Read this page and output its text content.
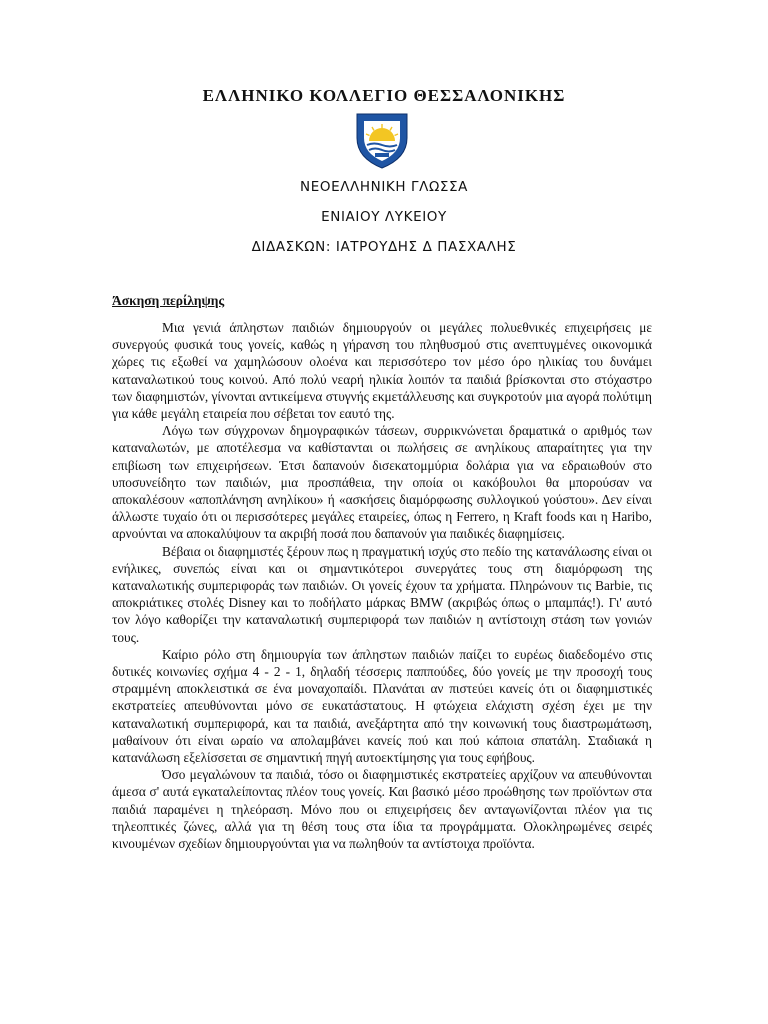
ΕΛΛΗΝΙΚΟ ΚΟΛΛΕΓΙΟ ΘΕΣΣΑΛΟΝΙΚΗΣ
ΝΕΟΕΛΛΗΝΙΚΗ ΓΛΩΣΣΑ
ΕΝΙΑΙΟΥ ΛΥΚΕΙΟΥ
ΔΙΔΑΣΚΩΝ: ΙΑΤΡΟΥΔΗΣ Δ ΠΑΣΧΑΛΗΣ
Άσκηση περίληψης

Μια γενιά άπληστων παιδιών δημιουργούν οι μεγάλες πολυεθνικές επιχειρήσεις με συνεργούς φυσικά τους γονείς, καθώς η γήρανση του πληθυσμού στις ανεπτυγμένες οικονομικά χώρες τις εξωθεί να χαμηλώσουν ολοένα και περισσότερο τον μέσο όρο ηλικίας του δυνάμει καταναλωτικού τους κοινού. Από πολύ νεαρή ηλικία λοιπόν τα παιδιά βρίσκονται στο στόχαστρο των διαφημιστών, γίνονται αντικείμενα στυγνής εκμετάλλευσης και συγκροτούν μια αγορά πολύτιμη για κάθε μεγάλη εταιρεία που σέβεται τον εαυτό της.

Λόγω των σύγχρονων δημογραφικών τάσεων, συρρικνώνεται δραματικά ο αριθμός των καταναλωτών, με αποτέλεσμα να καθίστανται οι πωλήσεις σε ανηλίκους απαραίτητες για την επιβίωση των επιχειρήσεων. Έτσι δαπανούν δισεκατομμύρια δολάρια για να εδραιωθούν στο υποσυνείδητο των παιδιών, μια προσπάθεια, την οποία οι κακόβουλοι θα μπορούσαν να αποκαλέσουν «αποπλάνηση ανηλίκου» ή «ασκήσεις διαμόρφωσης συλλογικού γούστου». Δεν είναι άλλωστε τυχαίο ότι οι περισσότερες μεγάλες εταιρείες, όπως η Ferrero, η Kraft foods και η Haribo, αρνούνται να αποκαλύψουν τα ακριβή ποσά που δαπανούν για παιδικές διαφημίσεις.

Βέβαια οι διαφημιστές ξέρουν πως η πραγματική ισχύς στο πεδίο της κατανάλωσης είναι οι ενήλικες, συνεπώς είναι και οι σημαντικότεροι συνεργάτες τους στη διαμόρφωση της καταναλωτικής συμπεριφοράς των παιδιών. Οι γονείς έχουν τα χρήματα. Πληρώνουν τις Barbie, τις αποκριάτικες στολές Disney και το ποδήλατο μάρκας BMW (ακριβώς όπως ο μπαμπάς!). Γι' αυτό τον λόγο καθορίζει την καταναλωτική συμπεριφορά των παιδιών η αντίστοιχη στάση των γονιών τους.

Καίριο ρόλο στη δημιουργία των άπληστων παιδιών παίζει το ευρέως διαδεδομένο στις δυτικές κοινωνίες σχήμα 4 - 2 - 1, δηλαδή τέσσερις παππούδες, δύο γονείς με την προσοχή τους στραμμένη αποκλειστικά σε ένα μοναχοπαίδι. Πλανάται αν πιστεύει κανείς ότι οι διαφημιστικές εκστρατείες απευθύνονται μόνο σε ευκατάστατους. Η φτώχεια ελάχιστη σχέση έχει με την καταναλωτική συμπεριφορά, και τα παιδιά, ανεξάρτητα από την κοινωνική τους διαστρωμάτωση, μαθαίνουν ότι είναι ωραίο να απολαμβάνει κανείς πού και πού κάποια σπατάλη. Σταδιακά η κατανάλωση εξελίσσεται σε σημαντική πηγή αυτοεκτίμησης για τους εφήβους.

Όσο μεγαλώνουν τα παιδιά, τόσο οι διαφημιστικές εκστρατείες αρχίζουν να απευθύνονται άμεσα σ' αυτά εγκαταλείποντας πλέον τους γονείς. Και βασικό μέσο προώθησης των προϊόντων στα παιδιά παραμένει η τηλεόραση. Μόνο που οι επιχειρήσεις δεν ανταγωνίζονται πλέον για τις τηλεοπτικές ζώνες, αλλά για τη θέση τους στα ίδια τα προγράμματα. Ολοκληρωμένες σειρές κινουμένων σχεδίων δημιουργούνται για να πωληθούν τα αντίστοιχα προϊόντα.
